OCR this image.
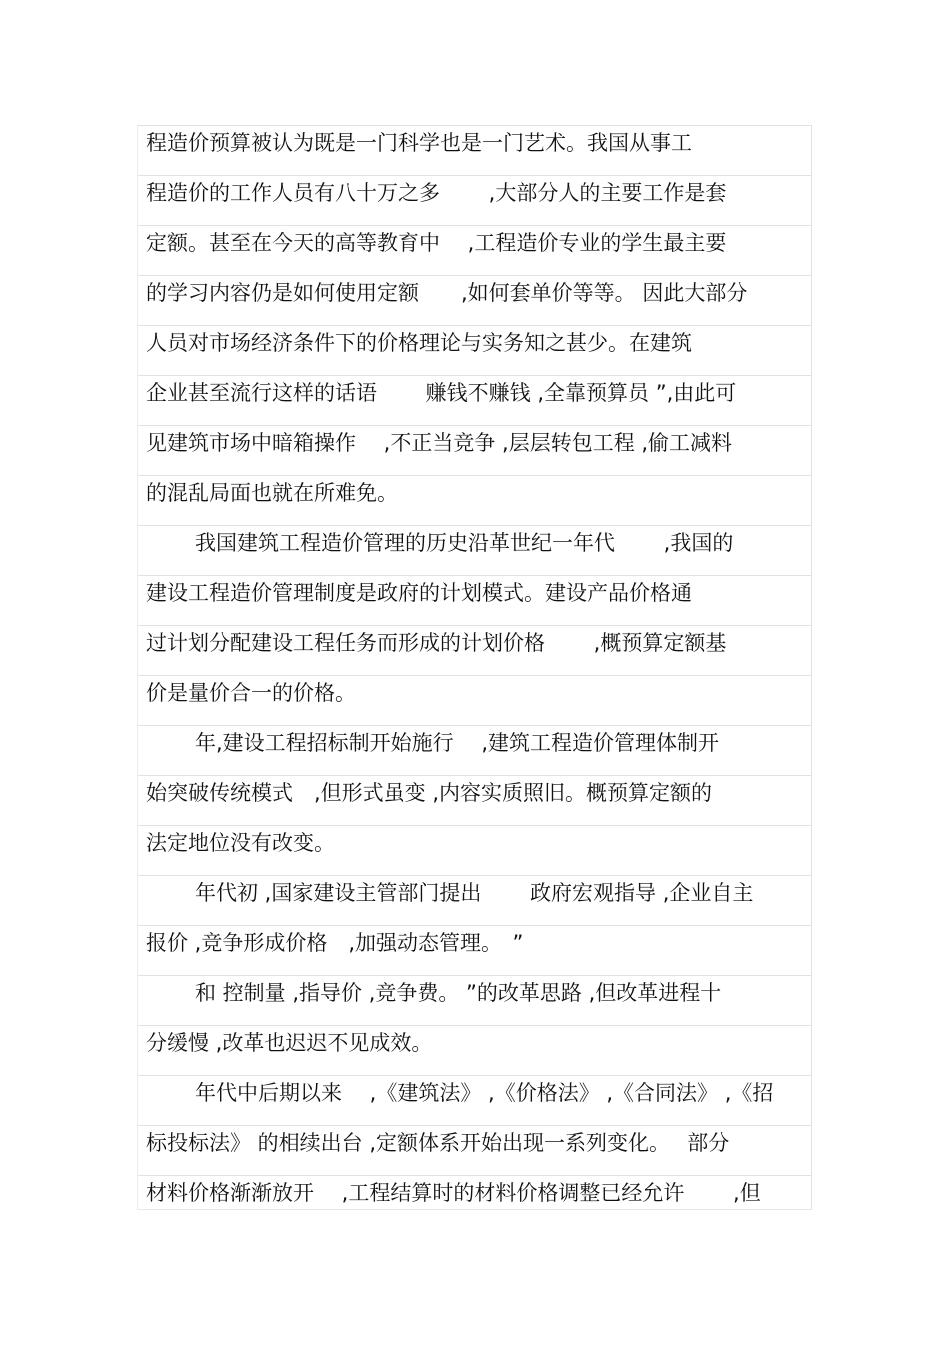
程造价预算被认为既是一门科学也是一门艺术。我国从事工
程造价的工作人员有八十万之多　　 ,大部分人的主要工作是套
定额。甚至在今天的高等教育中　 ,工程造价专业的学生最主要
的学习内容仍是如何使用定额　　,如何套单价等等。 因此大部分
人员对市场经济条件下的价格理论与实务知之甚少。在建筑
企业甚至流行这样的话语　　 赚钱不赚钱 ,全靠预算员 ”,由此可
见建筑市场中暗箱操作　 ,不正当竞争 ,层层转包工程 ,偷工减料
的混乱局面也就在所难免。
我国建筑工程造价管理的历史沿革世纪一年代　　 ,我国的
建设工程造价管理制度是政府的计划模式。建设产品价格通
过计划分配建设工程任务而形成的计划价格　　 ,概预算定额基
价是量价合一的价格。
年,建设工程招标制开始施行　 ,建筑工程造价管理体制开
始突破传统模式　,但形式虽变 ,内容实质照旧。概预算定额的
法定地位没有改变。
年代初 ,国家建设主管部门提出　　 政府宏观指导 ,企业自主
报价 ,竞争形成价格　,加强动态管理。　”
和 控制量 ,指导价 ,竞争费。 ”的改革思路 ,但改革进程十
分缓慢 ,改革也迟迟不见成效。
年代中后期以来　 ,《建筑法》 ,《价格法》 ,《合同法》 ,《招
标投标法》 的相续出台 ,定额体系开始出现一系列变化。　 部分
材料价格渐渐放开　 ,工程结算时的材料价格调整已经允许　　 ,但
